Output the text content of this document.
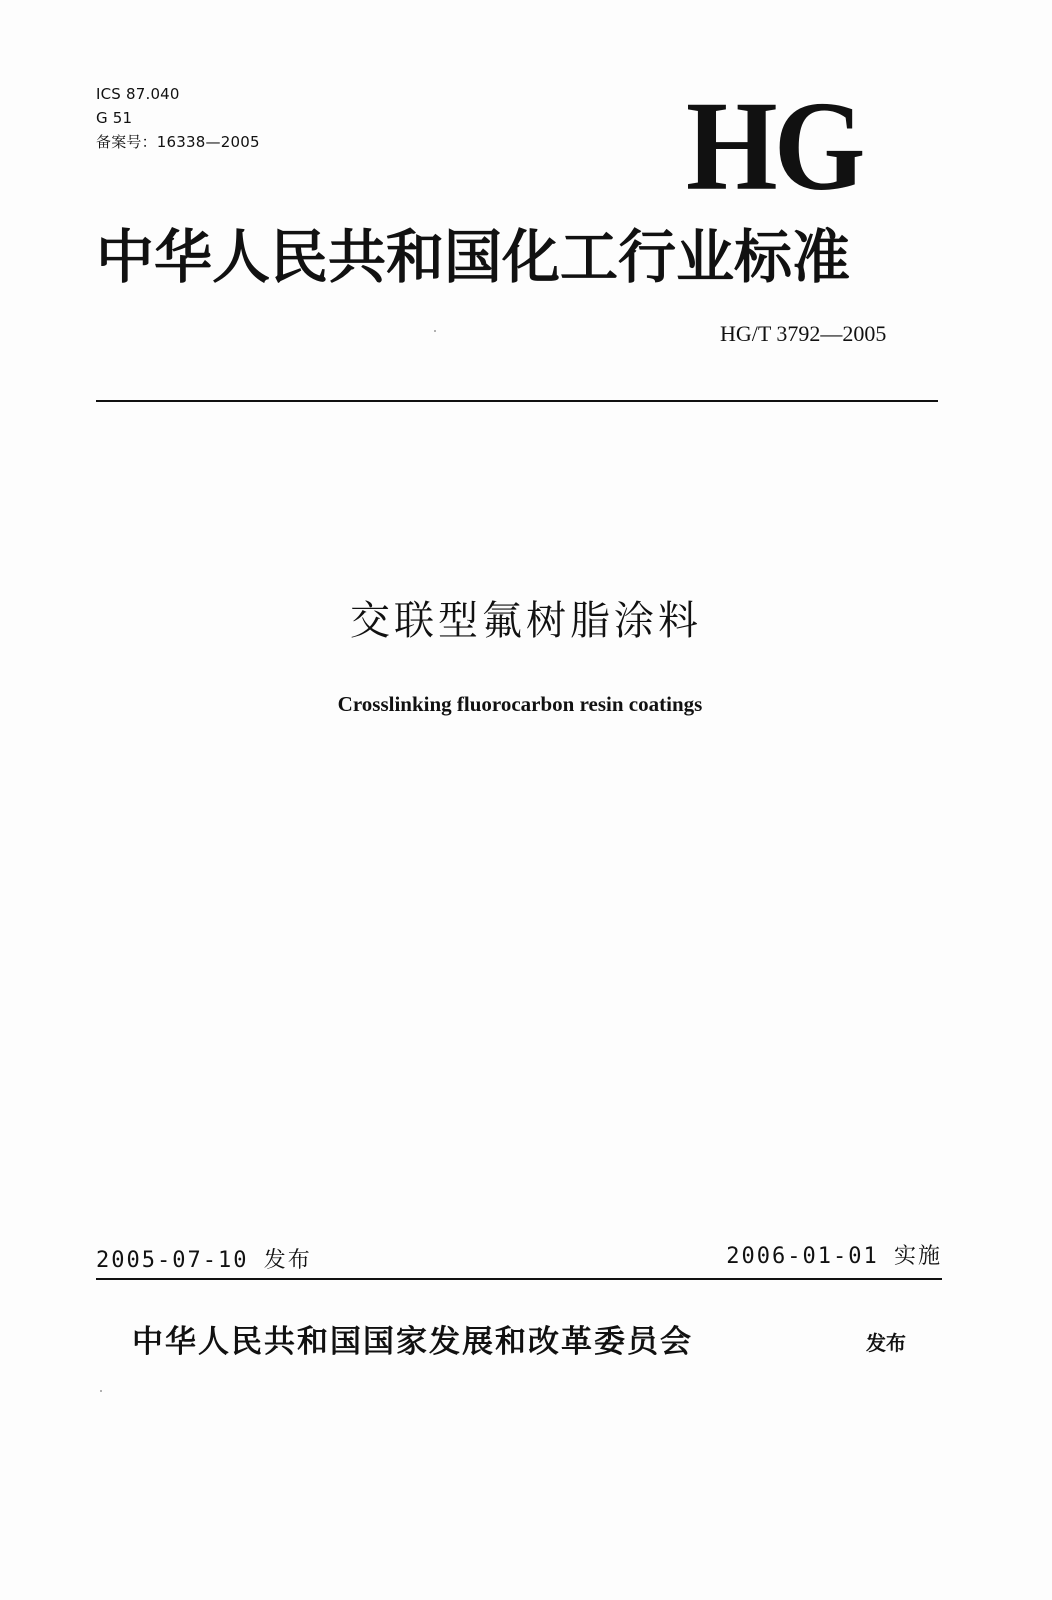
ICS 87.040
G 51
备案号：16338—2005	HG
中华人民共和国化工行业标准
HG/T 3792—2005
交联型氟树脂涂料
Crosslinking fluorocarbon resin coatings
2005-07-10 发布	2006-01-01 实施
中华人民共和国国家发展和改革委员会	发布
